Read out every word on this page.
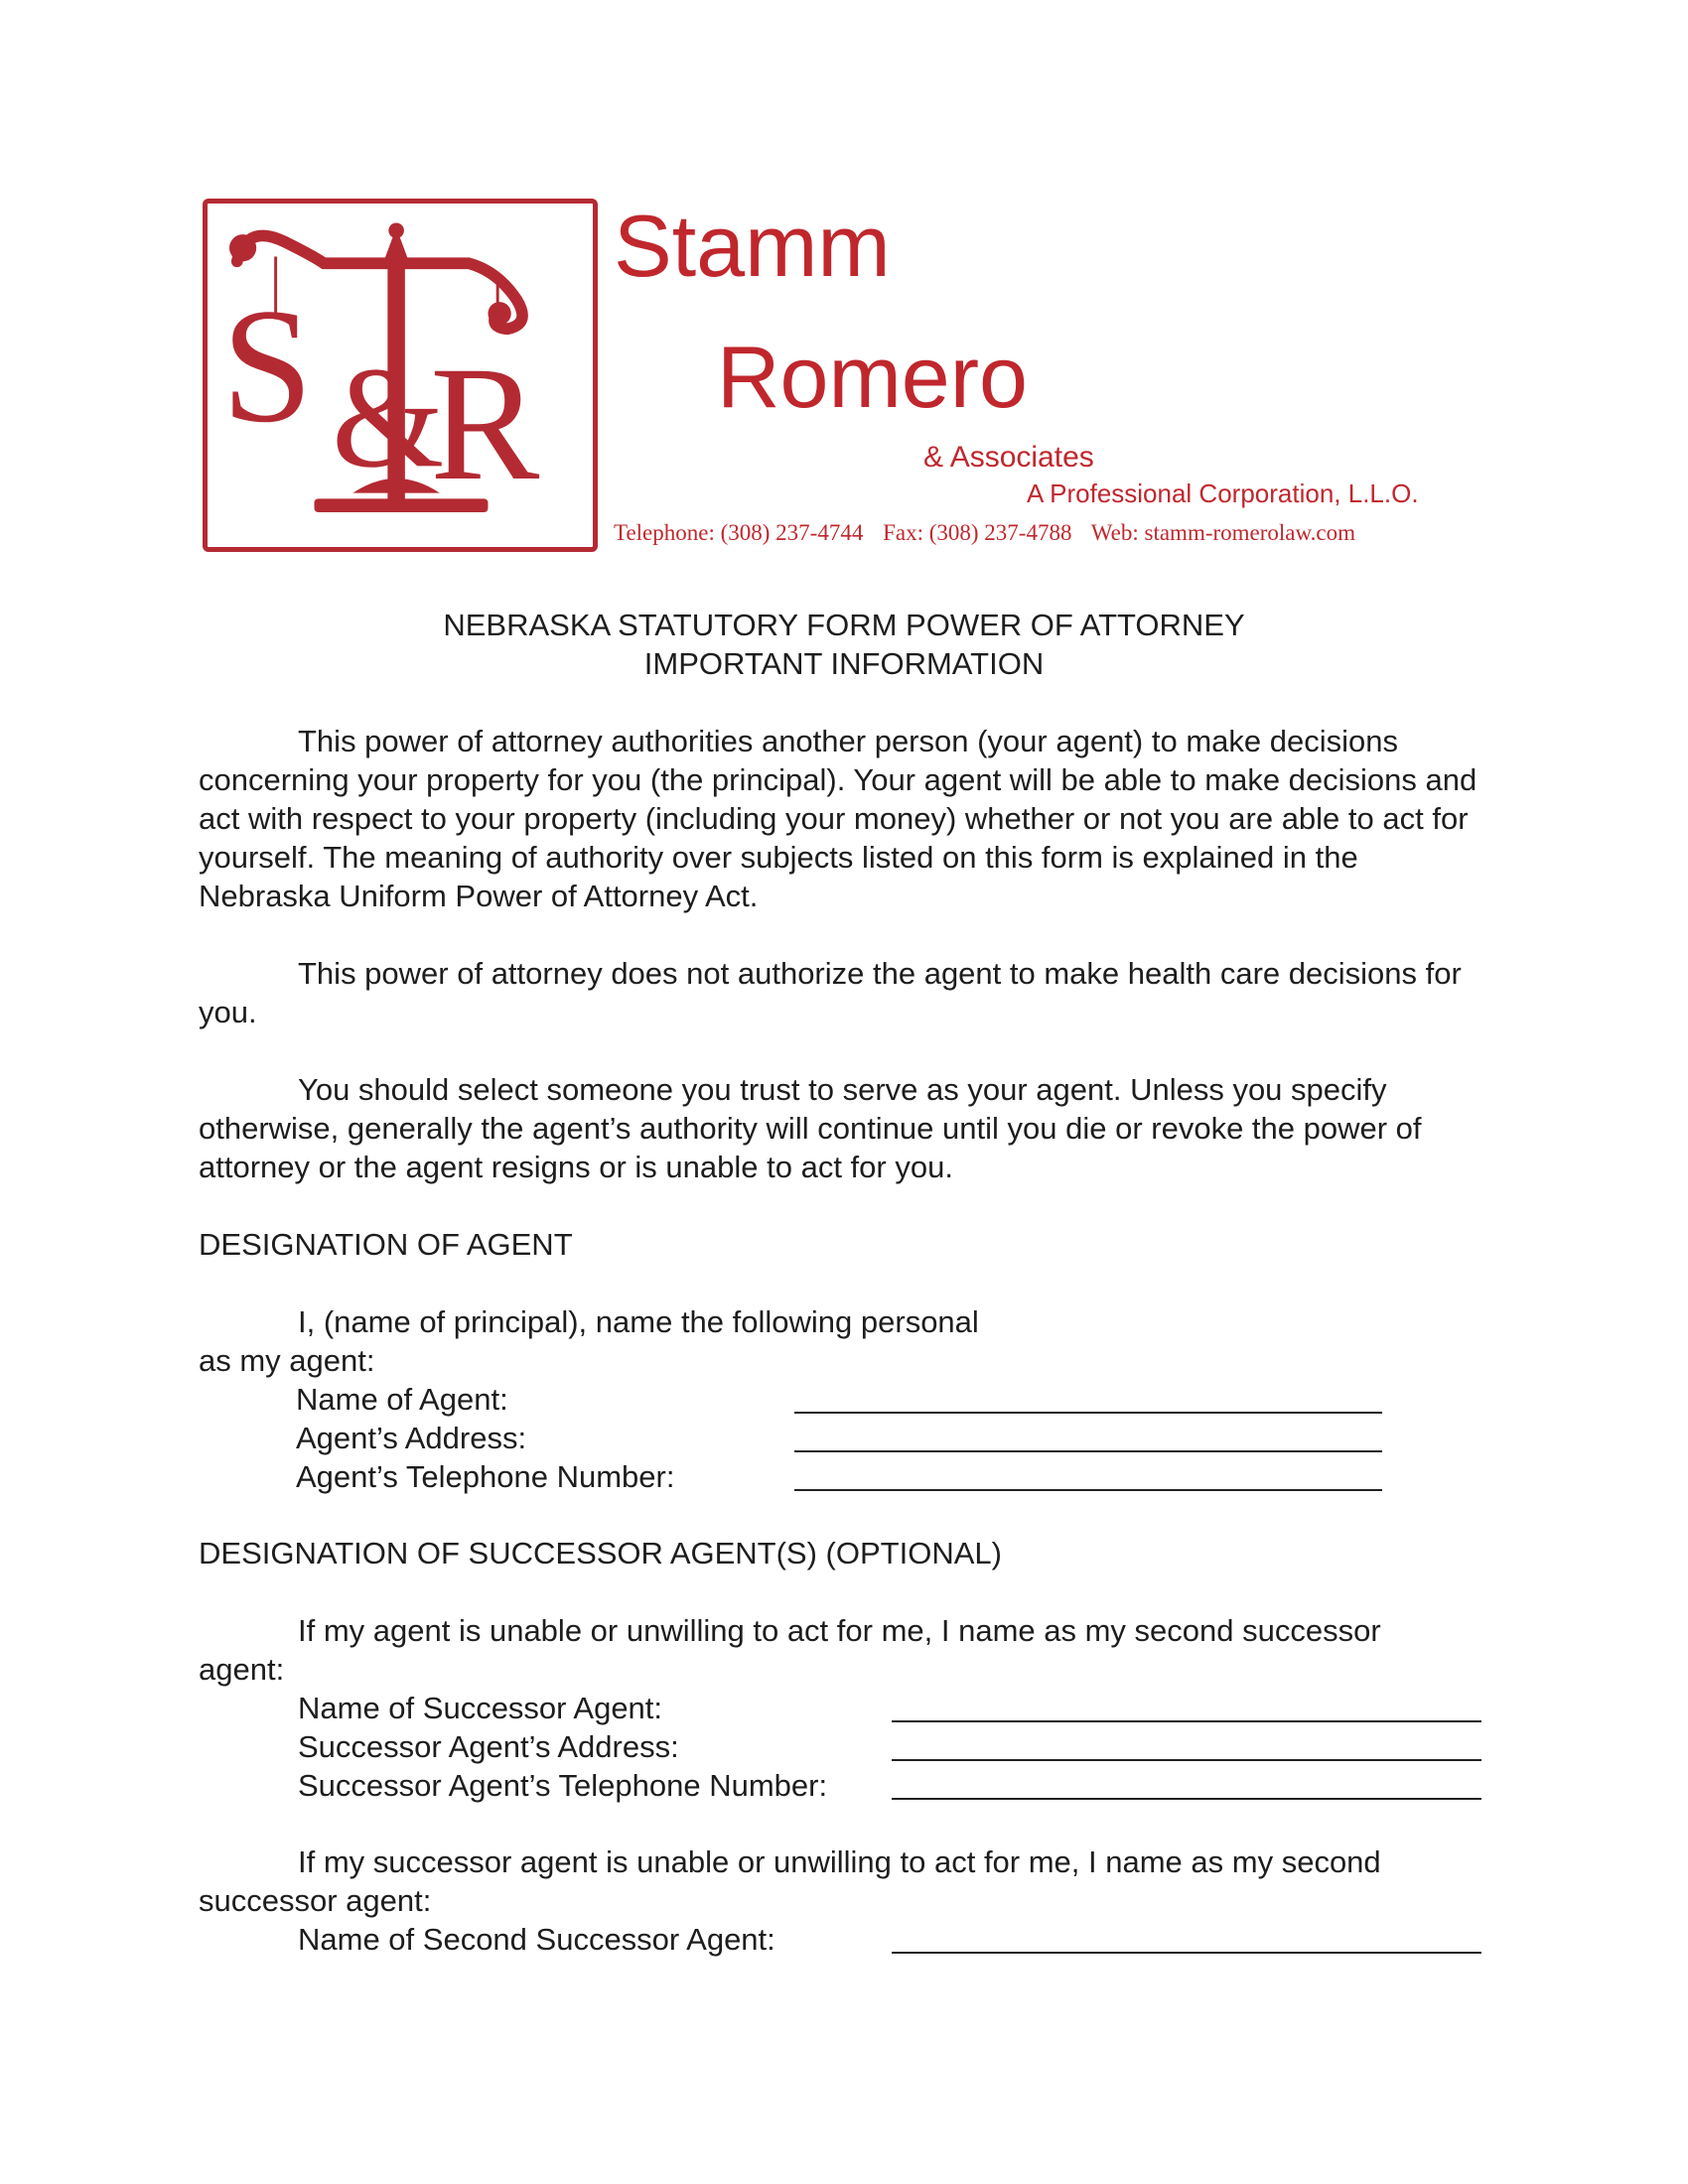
S &
R
Stamm
Romero
& Associates
A Professional Corporation, L.L.O.
Telephone: (308) 237-4744 Fax: (308) 237-4788 Web: stamm-romerolaw.com
NEBRASKA STATUTORY FORM POWER OF ATTORNEY
IMPORTANT INFORMATION

This power of attorney authorities another person (your agent) to make decisions concerning your property for you (the principal). Your agent will be able to make decisions and act with respect to your property (including your money) whether or not you are able to act for yourself. The meaning of authority over subjects listed on this form is explained in the Nebraska Uniform Power of Attorney Act.

This power of attorney does not authorize the agent to make health care decisions for you.

You should select someone you trust to serve as your agent. Unless you specify otherwise, generally the agent’s authority will continue until you die or revoke the power of attorney or the agent resigns or is unable to act for you.

DESIGNATION OF AGENT
I, (name of principal), name the following personal
as my agent:
Name of Agent:
Agent’s Address:
Agent’s Telephone Number:
DESIGNATION OF SUCCESSOR AGENT(S) (OPTIONAL)
If my agent is unable or unwilling to act for me, I name as my second successor
agent:
Name of Successor Agent:
Successor Agent’s Address:
Successor Agent’s Telephone Number:
If my successor agent is unable or unwilling to act for me, I name as my second
successor agent:
Name of Second Successor Agent:
